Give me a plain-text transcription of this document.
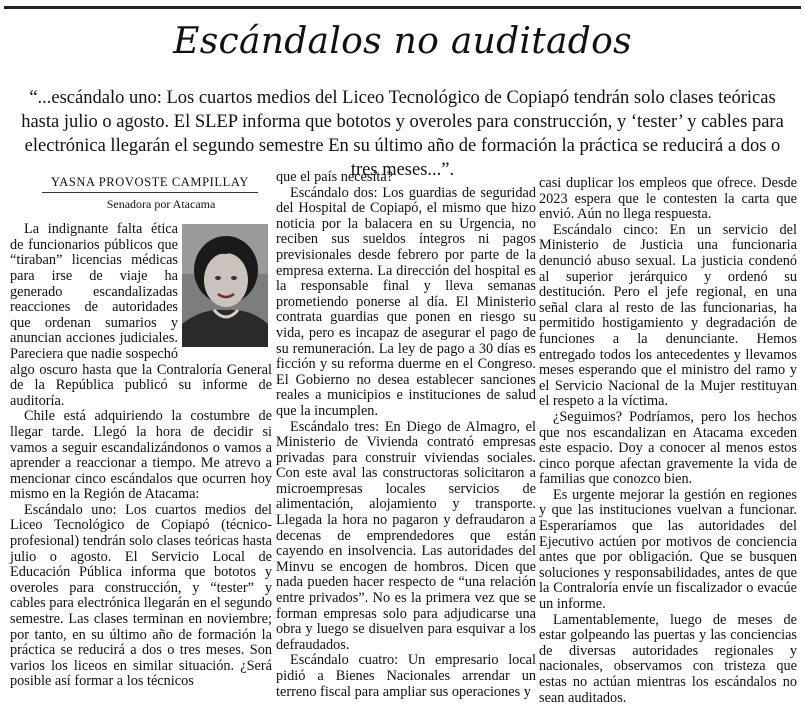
Escándalos no auditados
“...escándalo uno: Los cuartos medios del Liceo Tecnológico de Copiapó tendrán solo clases teóricas hasta julio o agosto. El SLEP informa que bototos y overoles para construcción, y ‘tester’ y cables para electrónica llegarán el segundo semestre En su último año de formación la práctica se reducirá a dos o tres meses...”.
YASNA PROVOSTE CAMPILLAY
Senadora por Atacama

La indignante falta ética de funcionarios públicos que “tiraban” licencias médicas para irse de viaje ha generado escandalizadas reacciones de autoridades que ordenan sumarios y anuncian acciones judiciales. Pareciera que nadie sospechó algo oscuro hasta que la Contraloría General de la República publicó su informe de auditoría.

Chile está adquiriendo la costumbre de llegar tarde. Llegó la hora de decidir si vamos a seguir escandalizándonos o vamos a aprender a reaccionar a tiempo. Me atrevo a mencionar cinco escándalos que ocurren hoy mismo en la Región de Atacama:

Escándalo uno: Los cuartos medios del Liceo Tecnológico de Copiapó (técnico-profesional) tendrán solo clases teóricas hasta julio o agosto. El Servicio Local de Educación Pública informa que bototos y overoles para construcción, y “tester” y cables para electrónica llegarán en el segundo semestre. Las clases terminan en noviembre; por tanto, en su último año de formación la práctica se reducirá a dos o tres meses. Son varios los liceos en similar situación. ¿Será posible así formar a los técnicos

que el país necesita?

Escándalo dos: Los guardias de seguridad del Hospital de Copiapó, el mismo que hizo noticia por la balacera en su Urgencia, no reciben sus sueldos íntegros ni pagos previsionales desde febrero por parte de la empresa externa. La dirección del hospital es la responsable final y lleva semanas prometiendo ponerse al día. El Ministerio contrata guardias que ponen en riesgo su vida, pero es incapaz de asegurar el pago de su remuneración. La ley de pago a 30 días es ficción y su reforma duerme en el Congreso. El Gobierno no desea establecer sanciones reales a municipios e instituciones de salud que la incumplen.

Escándalo tres: En Diego de Almagro, el Ministerio de Vivienda contrató empresas privadas para construir viviendas sociales. Con este aval las constructoras solicitaron a microempresas locales servicios de alimentación, alojamiento y transporte. Llegada la hora no pagaron y defraudaron a decenas de emprendedores que están cayendo en insolvencia. Las autoridades del Minvu se encogen de hombros. Dicen que nada pueden hacer respecto de “una relación entre privados”. No es la primera vez que se forman empresas solo para adjudicarse una obra y luego se disuelven para esquivar a los defraudados.

Escándalo cuatro: Un empresario local pidió a Bienes Nacionales arrendar un terreno fiscal para ampliar sus operaciones y

casi duplicar los empleos que ofrece. Desde 2023 espera que le contesten la carta que envió. Aún no llega respuesta.

Escándalo cinco: En un servicio del Ministerio de Justicia una funcionaria denunció abuso sexual. La justicia condenó al superior jerárquico y ordenó su destitución. Pero el jefe regional, en una señal clara al resto de las funcionarias, ha permitido hostigamiento y degradación de funciones a la denunciante. Hemos entregado todos los antecedentes y llevamos meses esperando que el ministro del ramo y el Servicio Nacional de la Mujer restituyan el respeto a la víctima.

¿Seguimos? Podríamos, pero los hechos que nos escandalizan en Atacama exceden este espacio. Doy a conocer al menos estos cinco porque afectan gravemente la vida de familias que conozco bien.

Es urgente mejorar la gestión en regiones y que las instituciones vuelvan a funcionar. Esperaríamos que las autoridades del Ejecutivo actúen por motivos de conciencia antes que por obligación. Que se busquen soluciones y responsabilidades, antes de que la Contraloría envíe un fiscalizador o evacúe un informe.

Lamentablemente, luego de meses de estar golpeando las puertas y las conciencias de diversas autoridades regionales y nacionales, observamos con tristeza que estas no actúan mientras los escándalos no sean auditados.
